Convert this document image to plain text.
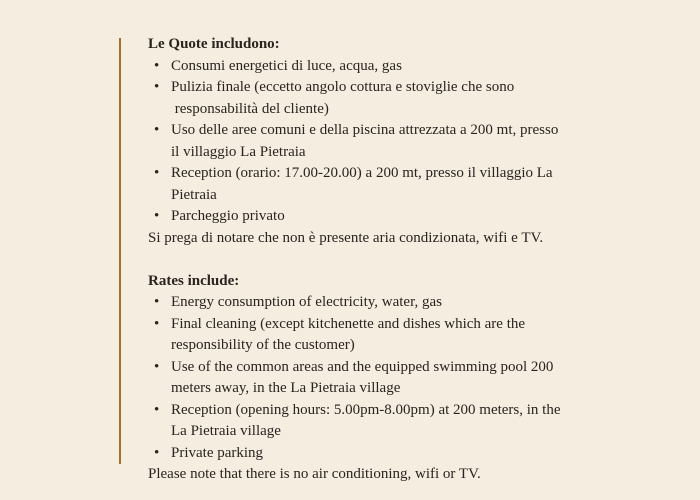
Le Quote includono:

• Consumi energetici di luce, acqua, gas
• Pulizia finale (eccetto angolo cottura e stoviglie che sono
responsabilità del cliente)
• Uso delle aree comuni e della piscina attrezzata a 200 mt, presso
il villaggio La Pietraia
• Reception (orario: 17.00-20.00) a 200 mt, presso il villaggio La
Pietraia
• Parcheggio privato

Si prega di notare che non è presente aria condizionata, wifi e TV.

Rates include:

• Energy consumption of electricity, water, gas
• Final cleaning (except kitchenette and dishes which are the
responsibility of the customer)
• Use of the common areas and the equipped swimming pool 200
meters away, in the La Pietraia village
• Reception (opening hours: 5.00pm-8.00pm) at 200 meters, in the
La Pietraia village
• Private parking

Please note that there is no air conditioning, wifi or TV.
